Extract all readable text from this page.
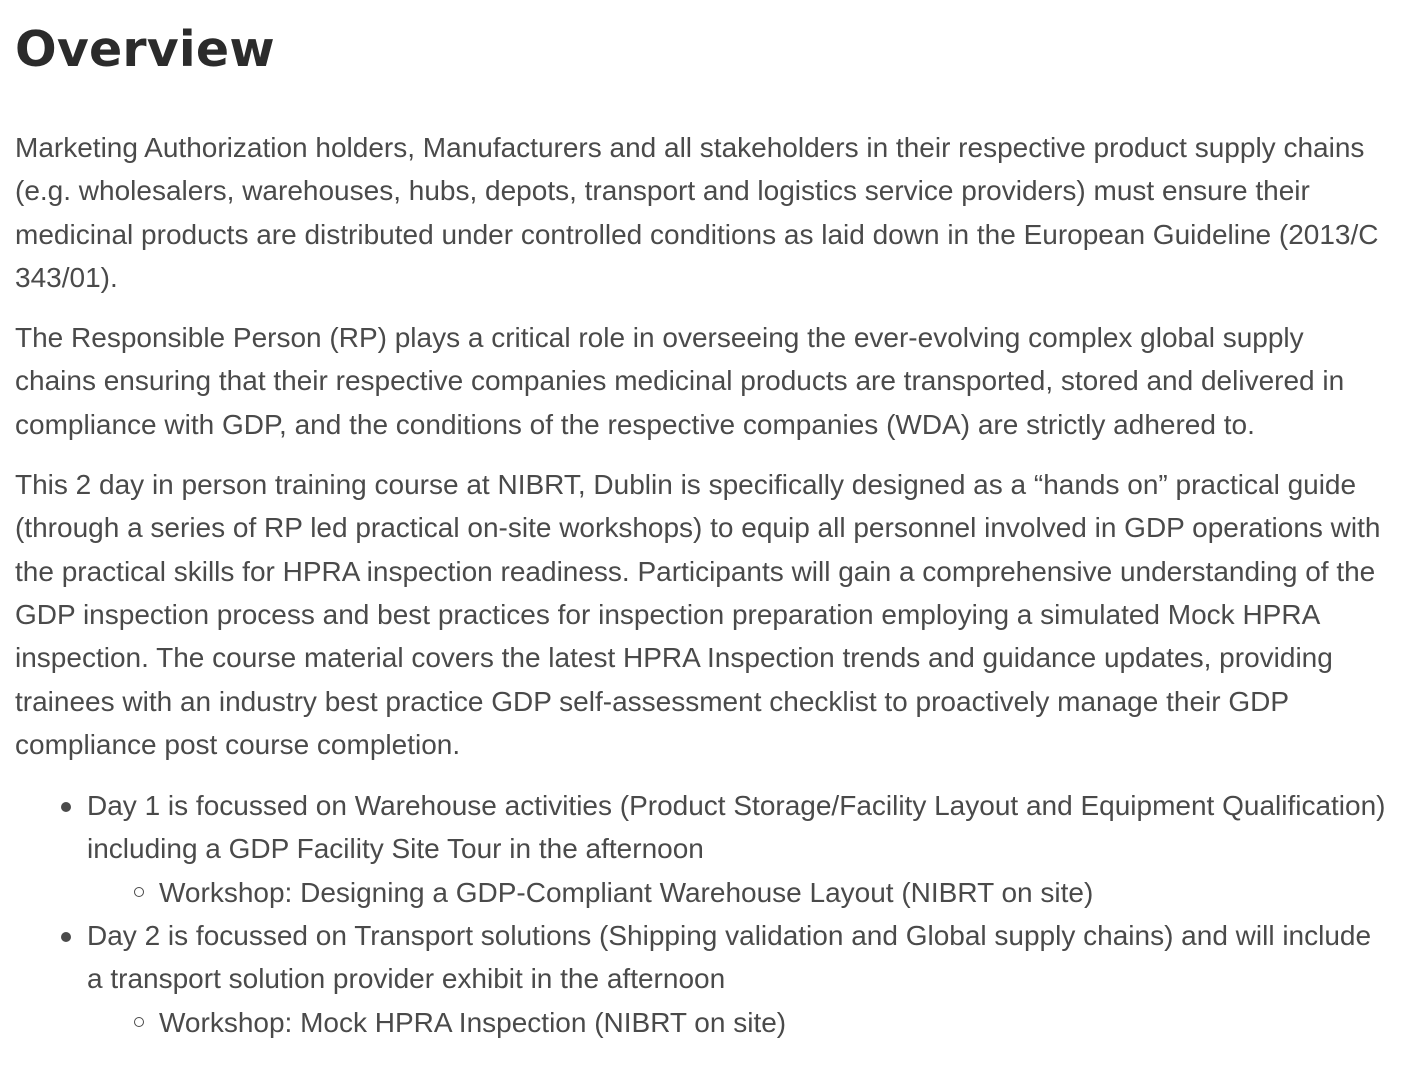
Overview

Marketing Authorization holders, Manufacturers and all stakeholders in their respective product supply chains (e.g. wholesalers, warehouses, hubs, depots, transport and logistics service providers) must ensure their medicinal products are distributed under controlled conditions as laid down in the European Guideline (2013/C 343/01).

The Responsible Person (RP) plays a critical role in overseeing the ever-evolving complex global supply chains ensuring that their respective companies medicinal products are transported, stored and delivered in compliance with GDP, and the conditions of the respective companies (WDA) are strictly adhered to.

This 2 day in person training course at NIBRT, Dublin is specifically designed as a “hands on” practical guide (through a series of RP led practical on-site workshops) to equip all personnel involved in GDP operations with the practical skills for HPRA inspection readiness. Participants will gain a comprehensive understanding of the GDP inspection process and best practices for inspection preparation employing a simulated Mock HPRA inspection. The course material covers the latest HPRA Inspection trends and guidance updates, providing trainees with an industry best practice GDP self-assessment checklist to proactively manage their GDP compliance post course completion.

Day 1 is focussed on Warehouse activities (Product Storage/Facility Layout and Equipment Qualification) including a GDP Facility Site Tour in the afternoon
Workshop: Designing a GDP-Compliant Warehouse Layout (NIBRT on site)
Day 2 is focussed on Transport solutions (Shipping validation and Global supply chains) and will include a transport solution provider exhibit in the afternoon
Workshop: Mock HPRA Inspection (NIBRT on site)
